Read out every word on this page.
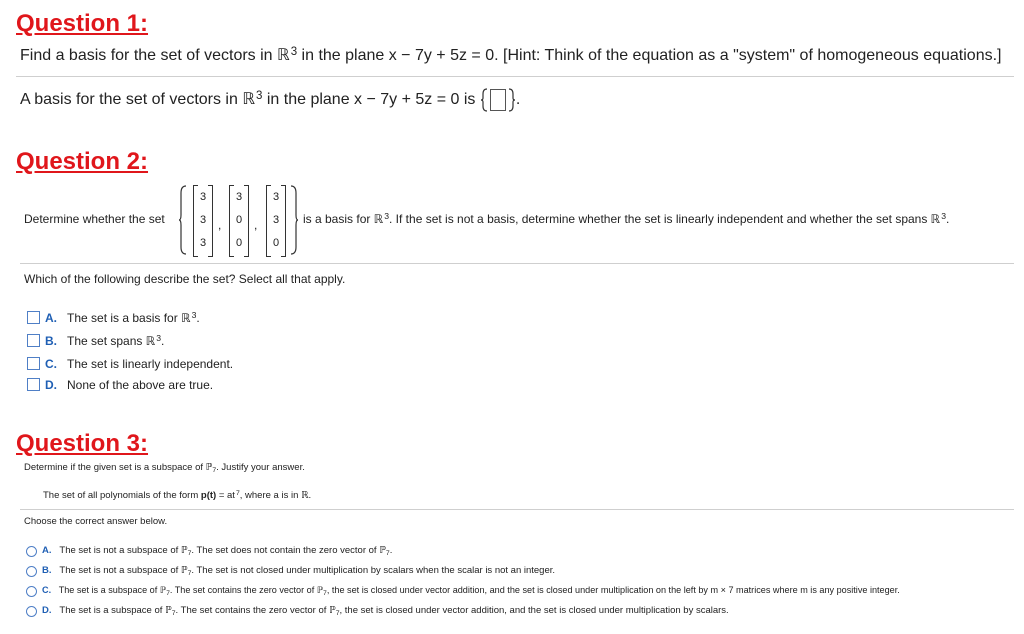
Question 1:
Find a basis for the set of vectors in ℝ$^3$ in the plane x − 7y + 5z = 0. [Hint: Think of the equation as a "system" of homogeneous equations.]
A basis for the set of vectors in ℝ$^3$ in the plane x − 7y + 5z = 0 is .
Question 2:
Determine whether the set
3
3
3
,
3
0
0
,
3
3
0
is a basis for ℝ$^3$. If the set is not a basis, determine whether the set is linearly independent and whether the set spans ℝ$^3$.
Which of the following describe the set? Select all that apply.
A. The set is a basis for ℝ$^3$.
B. The set spans ℝ$^3$.
C. The set is linearly independent.
D. None of the above are true.
Question 3:
Determine if the given set is a subspace of ℙ$_7$. Justify your answer.
The set of all polynomials of the form $p(t) = at^7$, where a is in ℝ.
Choose the correct answer below.
A. The set is not a subspace of ℙ$_7$. The set does not contain the zero vector of ℙ$_7$.
B. The set is not a subspace of ℙ$_7$. The set is not closed under multiplication by scalars when the scalar is not an integer.
C. The set is a subspace of ℙ$_7$. The set contains the zero vector of ℙ$_7$, the set is closed under vector addition, and the set is closed under multiplication on the left by m × 7 matrices where m is any positive integer.
D. The set is a subspace of ℙ$_7$. The set contains the zero vector of ℙ$_7$, the set is closed under vector addition, and the set is closed under multiplication by scalars.
